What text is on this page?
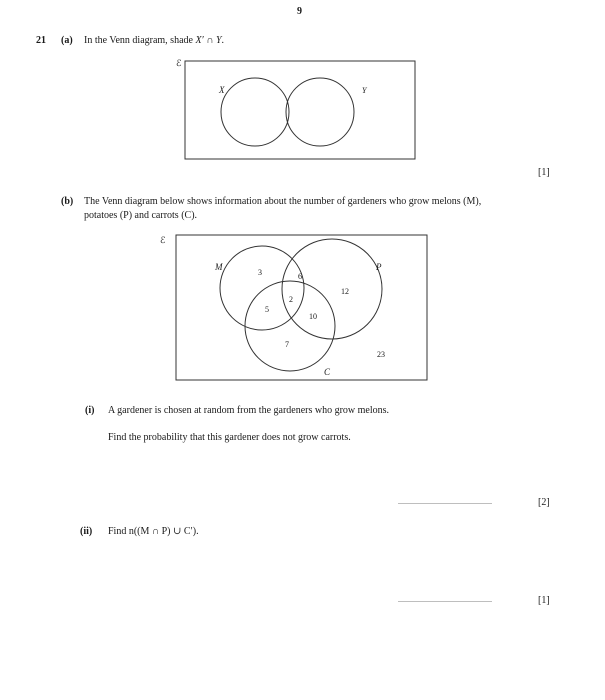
9
21 (a) In the Venn diagram, shade X′ ∩ Y.
ℰ
X	Y
[1]
(b) The Venn diagram below shows information about the number of gardeners who grow melons (M),
potatoes (P) and carrots (C).
ℰ
M	P
C
3	6
12
5
2
10
7
23
(i) A gardener is chosen at random from the gardeners who grow melons.
Find the probability that this gardener does not grow carrots.
...............................................	[2]
(ii) Find n((M ∩ P) ∪ C′).
...............................................	[1]
